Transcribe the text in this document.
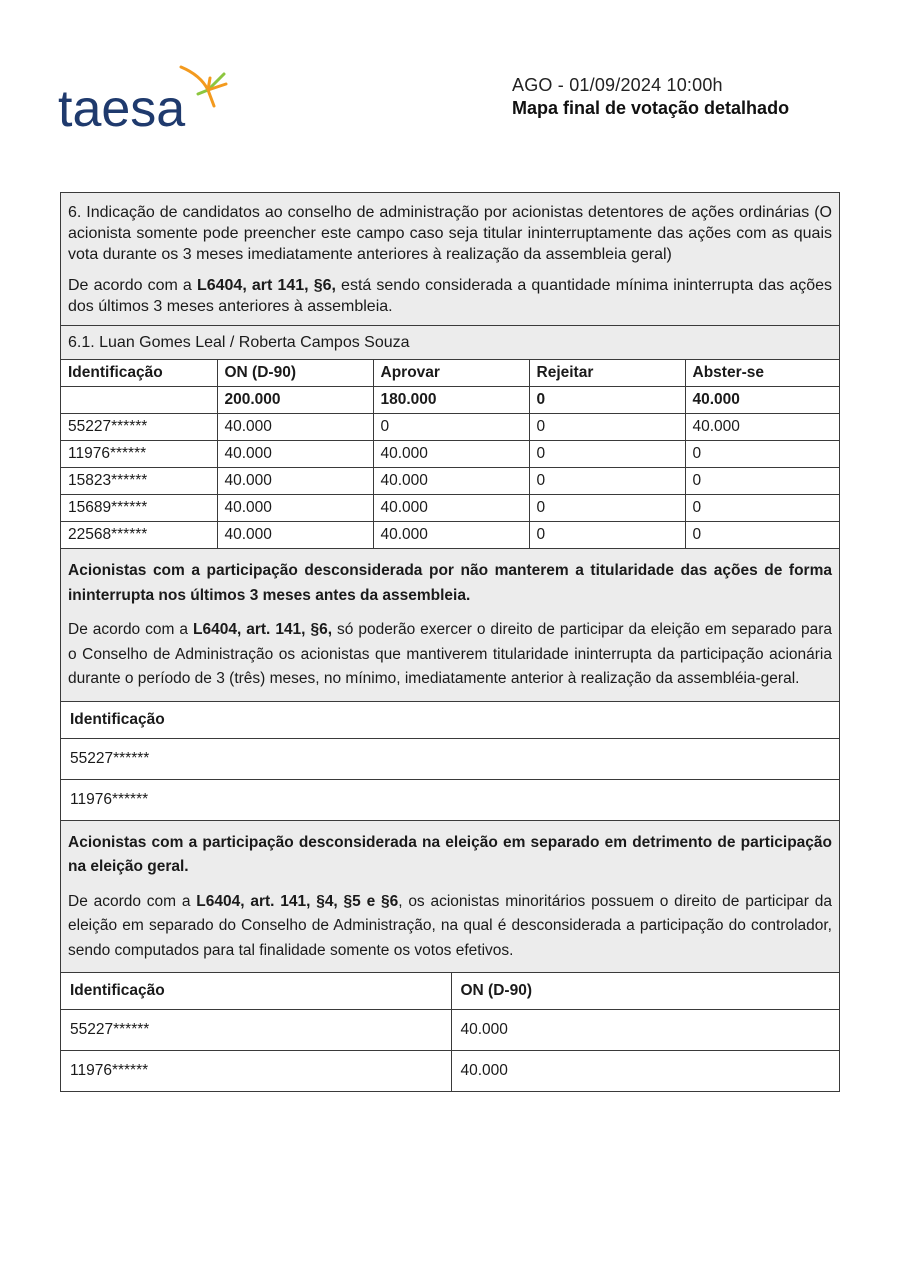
taesa	AGO - 01/09/2024 10:00h
Mapa final de votação detalhado

6. Indicação de candidatos ao conselho de administração por acionistas detentores de ações ordinárias (O acionista somente pode preencher este campo caso seja titular ininterruptamente das ações com as quais vota durante os 3 meses imediatamente anteriores à realização da assembleia geral)

De acordo com a L6404, art 141, §6, está sendo considerada a quantidade mínima ininterrupta das ações dos últimos 3 meses anteriores à assembleia.

6.1. Luan Gomes Leal / Roberta Campos Souza
Identificação	ON (D-90)	Aprovar	Rejeitar	Abster-se
	200.000	180.000	0	40.000
55227******	40.000	0	0	40.000
11976******	40.000	40.000	0	0
15823******	40.000	40.000	0	0
15689******	40.000	40.000	0	0
22568******	40.000	40.000	0	0

Acionistas com a participação desconsiderada por não manterem a titularidade das ações de forma ininterrupta nos últimos 3 meses antes da assembleia.

De acordo com a L6404, art. 141, §6, só poderão exercer o direito de participar da eleição em separado para o Conselho de Administração os acionistas que mantiverem titularidade ininterrupta da participação acionária durante o período de 3 (três) meses, no mínimo, imediatamente anterior à realização da assembléia-geral.

Identificação
55227******
11976******

Acionistas com a participação desconsiderada na eleição em separado em detrimento de participação na eleição geral.

De acordo com a L6404, art. 141, §4, §5 e §6, os acionistas minoritários possuem o direito de participar da eleição em separado do Conselho de Administração, na qual é desconsiderada a participação do controlador, sendo computados para tal finalidade somente os votos efetivos.

Identificação	ON (D-90)
55227******	40.000
11976******	40.000
